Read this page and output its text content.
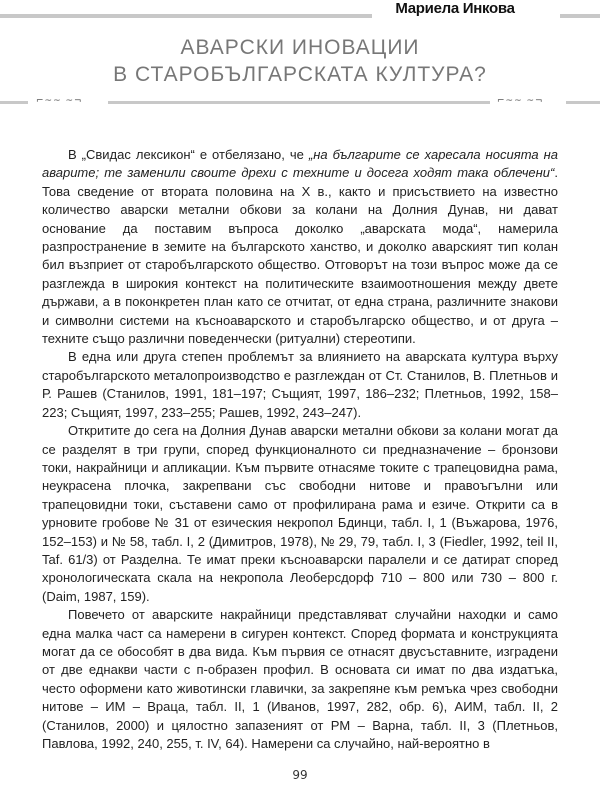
Мариела Инкова
АВАРСКИ ИНОВАЦИИ
В СТАРОБЪЛГАРСКАТА КУЛТУРА?
⌐~~ ~¬	⌐~~ ~¬

В „Свидас лексикон“ е отбелязано, че „на българите се харесала носията на аварите; те заменили своите дрехи с техните и досега ходят така облечени“. Това сведение от втората половина на X в., както и присъствието на известно количество аварски метални обкови за колани на Долния Дунав, ни дават основание да поставим въпроса доколко „аварската мода“, намерила разпространение в земите на българското ханство, и доколко аварският тип колан бил възприет от старобългарското общество. Отговорът на този въпрос може да се разглежда в широкия контекст на политическите взаимоотношения между двете държави, а в поконкретен план като се отчитат, от една страна, различните знакови и символни системи на късноаварското и старобългарско общество, и от друга – техните също различни поведенчески (ритуални) стереотипи.

В една или друга степен проблемът за влиянието на аварската култура върху старобългарското металопроизводство е разглеждан от Ст. Станилов, В. Плетньов и Р. Рашев (Станилов, 1991, 181–197; Същият, 1997, 186–232; Плетньов, 1992, 158–223; Същият, 1997, 233–255; Рашев, 1992, 243–247).

Откритите до сега на Долния Дунав аварски метални обкови за колани могат да се разделят в три групи, според функционалното си предназначение – бронзови токи, накрайници и апликации. Към първите отнасяме токите с трапецовидна рама, неукрасена плочка, закрепвани със свободни нитове и правоъгълни или трапецовидни токи, съставени само от профилирана рама и езиче. Открити са в урновите гробове № 31 от езическия некропол Бдинци, табл. I, 1 (Въжарова, 1976, 152–153) и № 58, табл. I, 2 (Димитров, 1978), № 29, 79, табл. I, 3 (Fiedler, 1992, teil II, Taf. 61/3) от Разделна. Те имат преки късноаварски паралели и се датират според хронологическата скала на некропола Леоберсдорф 710 – 800 или 730 – 800 г. (Daim, 1987, 159).

Повечето от аварските накрайници представляват случайни находки и само една малка част са намерени в сигурен контекст. Според формата и конструкцията могат да се обособят в два вида. Към първия се отнасят двусъставните, изградени от две еднакви части с п-образен профил. В основата си имат по два издатъка, често оформени като животински главички, за закрепяне към ремъка чрез свободни нитове – ИМ – Враца, табл. II, 1 (Иванов, 1997, 282, обр. 6), АИМ, табл. II, 2 (Станилов, 2000) и цялостно запазеният от РМ – Варна, табл. II, 3 (Плетньов, Павлова, 1992, 240, 255, т. IV, 64). Намерени са случайно, най-вероятно в

99
